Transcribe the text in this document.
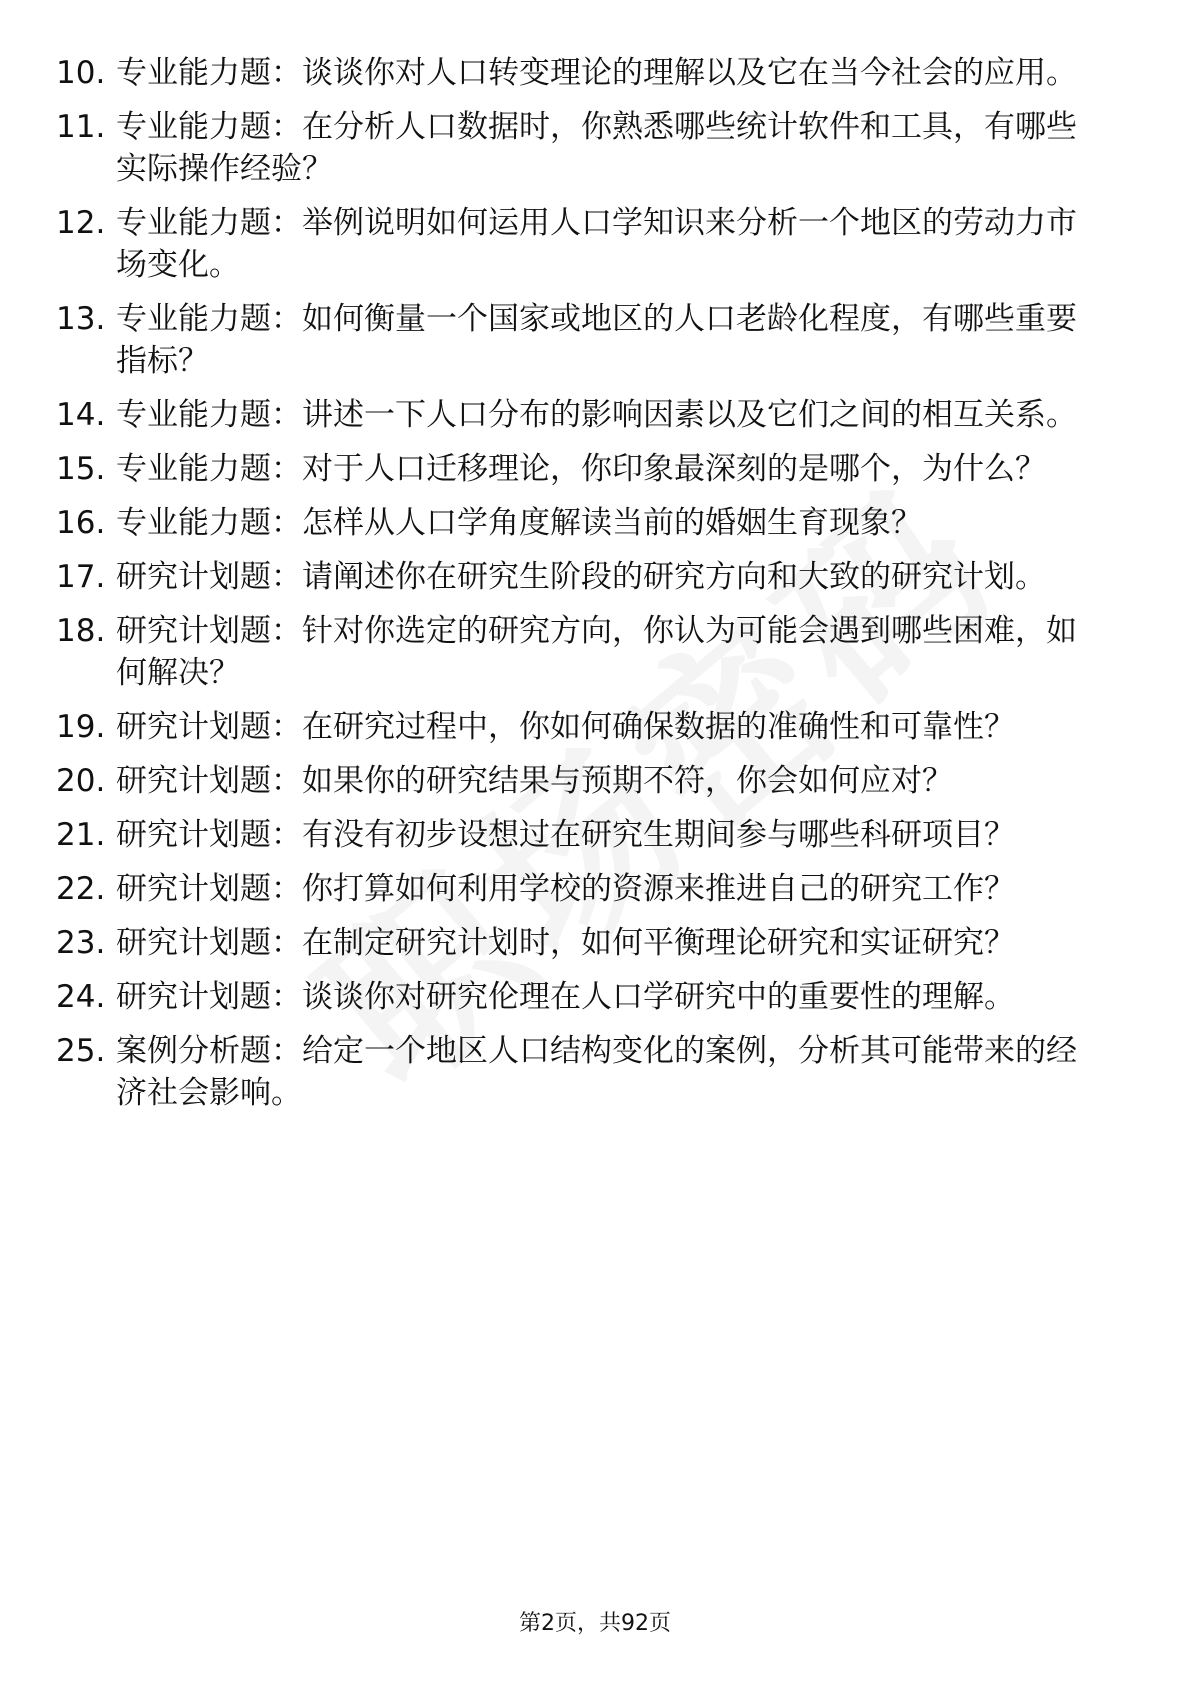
10. 专业能力题：谈谈你对人口转变理论的理解以及它在当今社会的应用。
11. 专业能力题：在分析人口数据时，你熟悉哪些统计软件和工具，有哪些实际操作经验？
12. 专业能力题：举例说明如何运用人口学知识来分析一个地区的劳动力市场变化。
13. 专业能力题：如何衡量一个国家或地区的人口老龄化程度，有哪些重要指标？
14. 专业能力题：讲述一下人口分布的影响因素以及它们之间的相互关系。
15. 专业能力题：对于人口迁移理论，你印象最深刻的是哪个，为什么？
16. 专业能力题：怎样从人口学角度解读当前的婚姻生育现象？
17. 研究计划题：请阐述你在研究生阶段的研究方向和大致的研究计划。
18. 研究计划题：针对你选定的研究方向，你认为可能会遇到哪些困难，如何解决？
19. 研究计划题：在研究过程中，你如何确保数据的准确性和可靠性？
20. 研究计划题：如果你的研究结果与预期不符，你会如何应对？
21. 研究计划题：有没有初步设想过在研究生期间参与哪些科研项目？
22. 研究计划题：你打算如何利用学校的资源来推进自己的研究工作？
23. 研究计划题：在制定研究计划时，如何平衡理论研究和实证研究？
24. 研究计划题：谈谈你对研究伦理在人口学研究中的重要性的理解。
25. 案例分析题：给定一个地区人口结构变化的案例，分析其可能带来的经济社会影响。
第2页，共92页
